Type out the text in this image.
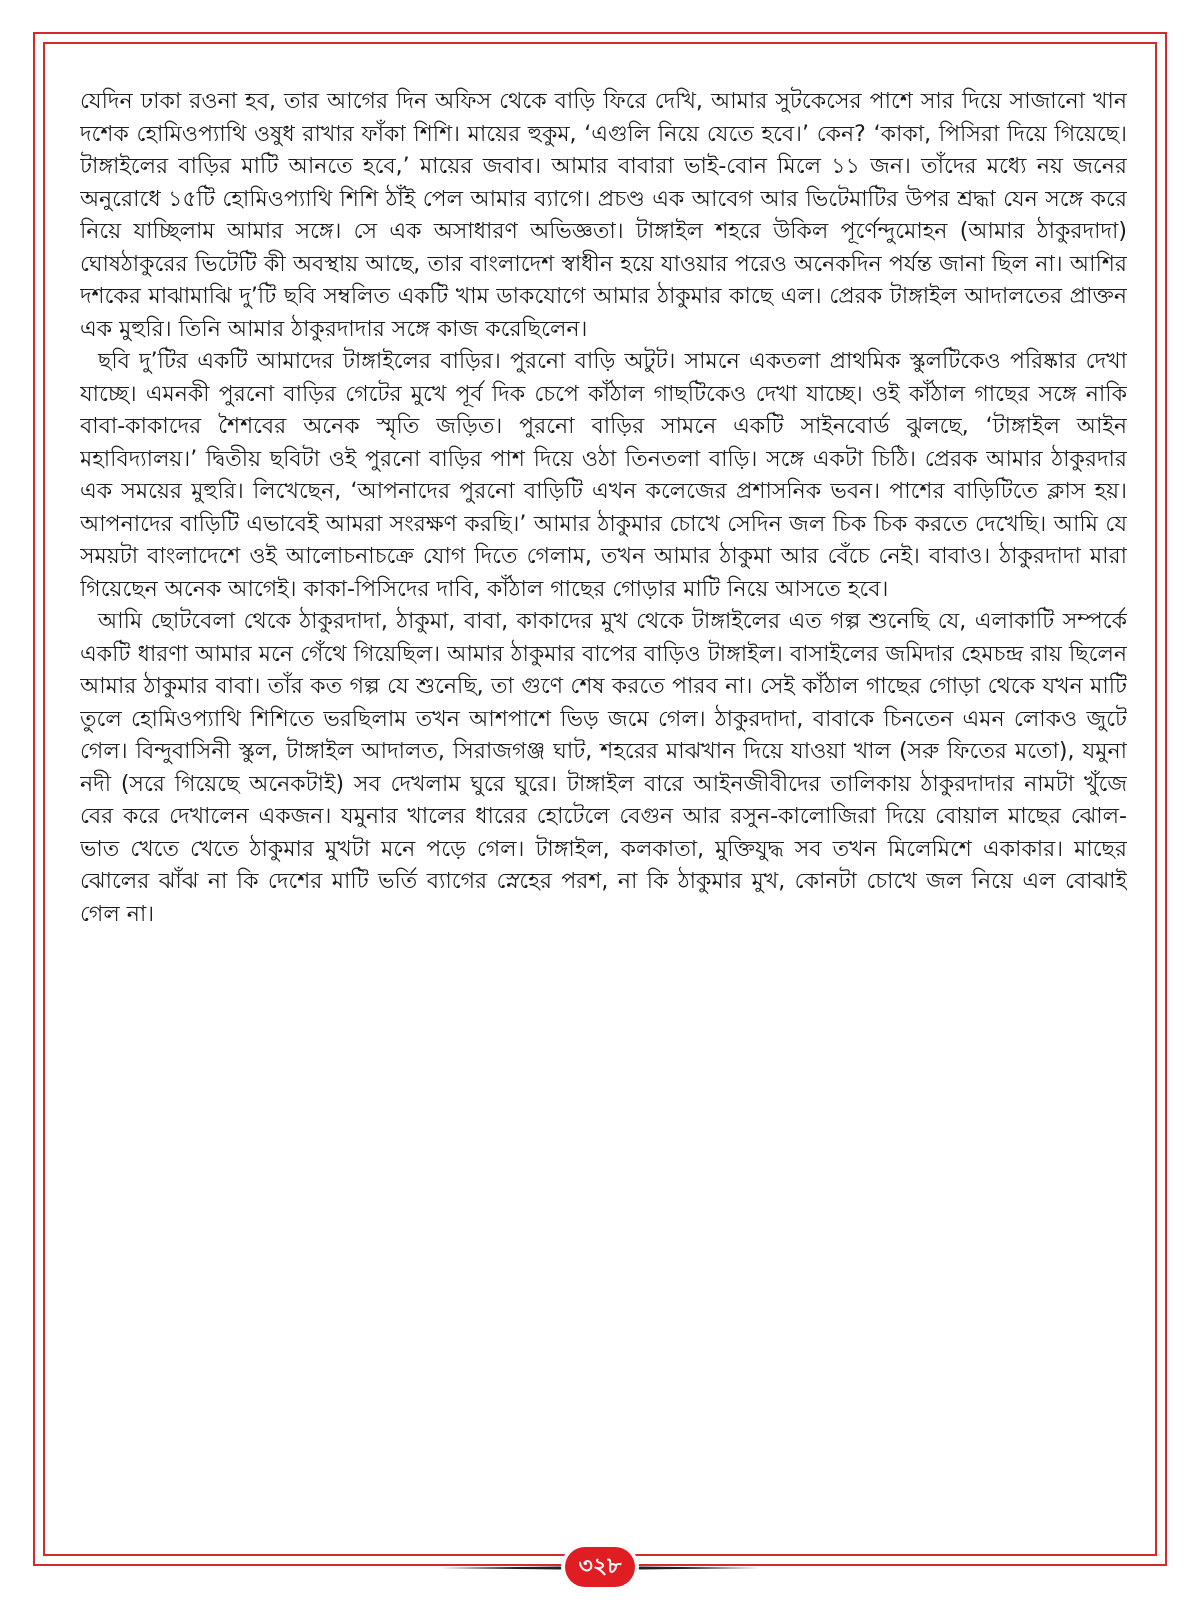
যেদিন ঢাকা রওনা হব, তার আগের দিন অফিস থেকে বাড়ি ফিরে দেখি, আমার সুটকেসের পাশে সার দিয়ে সাজানো খান দশেক হোমিওপ্যাথি ওষুধ রাখার ফাঁকা শিশি। মায়ের হুকুম, ‘এগুলি নিয়ে যেতে হবে।’ কেন? ‘কাকা, পিসিরা দিয়ে গিয়েছে। টাঙ্গাইলের বাড়ির মাটি আনতে হবে,’ মায়ের জবাব। আমার বাবারা ভাই-বোন মিলে ১১ জন। তাঁদের মধ্যে নয় জনের অনুরোধে ১৫টি হোমিওপ্যাথি শিশি ঠাঁই পেল আমার ব্যাগে। প্রচণ্ড এক আবেগ আর ভিটেমাটির উপর শ্রদ্ধা যেন সঙ্গে করে নিয়ে যাচ্ছিলাম আমার সঙ্গে। সে এক অসাধারণ অভিজ্ঞতা। টাঙ্গাইল শহরে উকিল পূর্ণেন্দুমোহন (আমার ঠাকুরদাদা) ঘোষঠাকুরের ভিটেটি কী অবস্থায় আছে, তার বাংলাদেশ স্বাধীন হয়ে যাওয়ার পরেও অনেকদিন পর্যন্ত জানা ছিল না। আশির দশকের মাঝামাঝি দু’টি ছবি সম্বলিত একটি খাম ডাকযোগে আমার ঠাকুমার কাছে এল। প্রেরক টাঙ্গাইল আদালতের প্রাক্তন এক মুহুরি। তিনি আমার ঠাকুরদাদার সঙ্গে কাজ করেছিলেন।

ছবি দু’টির একটি আমাদের টাঙ্গাইলের বাড়ির। পুরনো বাড়ি অটুট। সামনে একতলা প্রাথমিক স্কুলটিকেও পরিষ্কার দেখা যাচ্ছে। এমনকী পুরনো বাড়ির গেটের মুখে পূর্ব দিক চেপে কাঁঠাল গাছটিকেও দেখা যাচ্ছে। ওই কাঁঠাল গাছের সঙ্গে নাকি বাবা-কাকাদের শৈশবের অনেক স্মৃতি জড়িত। পুরনো বাড়ির সামনে একটি সাইনবোর্ড ঝুলছে, ‘টাঙ্গাইল আইন মহাবিদ্যালয়।’ দ্বিতীয় ছবিটা ওই পুরনো বাড়ির পাশ দিয়ে ওঠা তিনতলা বাড়ি। সঙ্গে একটা চিঠি। প্রেরক আমার ঠাকুরদার এক সময়ের মুহুরি। লিখেছেন, ‘আপনাদের পুরনো বাড়িটি এখন কলেজের প্রশাসনিক ভবন। পাশের বাড়িটিতে ক্লাস হয়। আপনাদের বাড়িটি এভাবেই আমরা সংরক্ষণ করছি।’ আমার ঠাকুমার চোখে সেদিন জল চিক চিক করতে দেখেছি। আমি যে সময়টা বাংলাদেশে ওই আলোচনাচক্রে যোগ দিতে গেলাম, তখন আমার ঠাকুমা আর বেঁচে নেই। বাবাও। ঠাকুরদাদা মারা গিয়েছেন অনেক আগেই। কাকা-পিসিদের দাবি, কাঁঠাল গাছের গোড়ার মাটি নিয়ে আসতে হবে।

আমি ছোটবেলা থেকে ঠাকুরদাদা, ঠাকুমা, বাবা, কাকাদের মুখ থেকে টাঙ্গাইলের এত গল্প শুনেছি যে, এলাকাটি সম্পর্কে একটি ধারণা আমার মনে গেঁথে গিয়েছিল। আমার ঠাকুমার বাপের বাড়িও টাঙ্গাইল। বাসাইলের জমিদার হেমচন্দ্র রায় ছিলেন আমার ঠাকুমার বাবা। তাঁর কত গল্প যে শুনেছি, তা গুণে শেষ করতে পারব না। সেই কাঁঠাল গাছের গোড়া থেকে যখন মাটি তুলে হোমিওপ্যাথি শিশিতে ভরছিলাম তখন আশপাশে ভিড় জমে গেল। ঠাকুরদাদা, বাবাকে চিনতেন এমন লোকও জুটে গেল। বিন্দুবাসিনী স্কুল, টাঙ্গাইল আদালত, সিরাজগঞ্জ ঘাট, শহরের মাঝখান দিয়ে যাওয়া খাল (সরু ফিতের মতো), যমুনা নদী (সরে গিয়েছে অনেকটাই) সব দেখলাম ঘুরে ঘুরে। টাঙ্গাইল বারে আইনজীবীদের তালিকায় ঠাকুরদাদার নামটা খুঁজে বের করে দেখালেন একজন। যমুনার খালের ধারের হোটেলে বেগুন আর রসুন-কালোজিরা দিয়ে বোয়াল মাছের ঝোল-ভাত খেতে খেতে ঠাকুমার মুখটা মনে পড়ে গেল। টাঙ্গাইল, কলকাতা, মুক্তিযুদ্ধ সব তখন মিলেমিশে একাকার। মাছের ঝোলের ঝাঁঝ না কি দেশের মাটি ভর্তি ব্যাগের স্নেহের পরশ, না কি ঠাকুমার মুখ, কোনটা চোখে জল নিয়ে এল বোঝাই গেল না।

৩২৮
